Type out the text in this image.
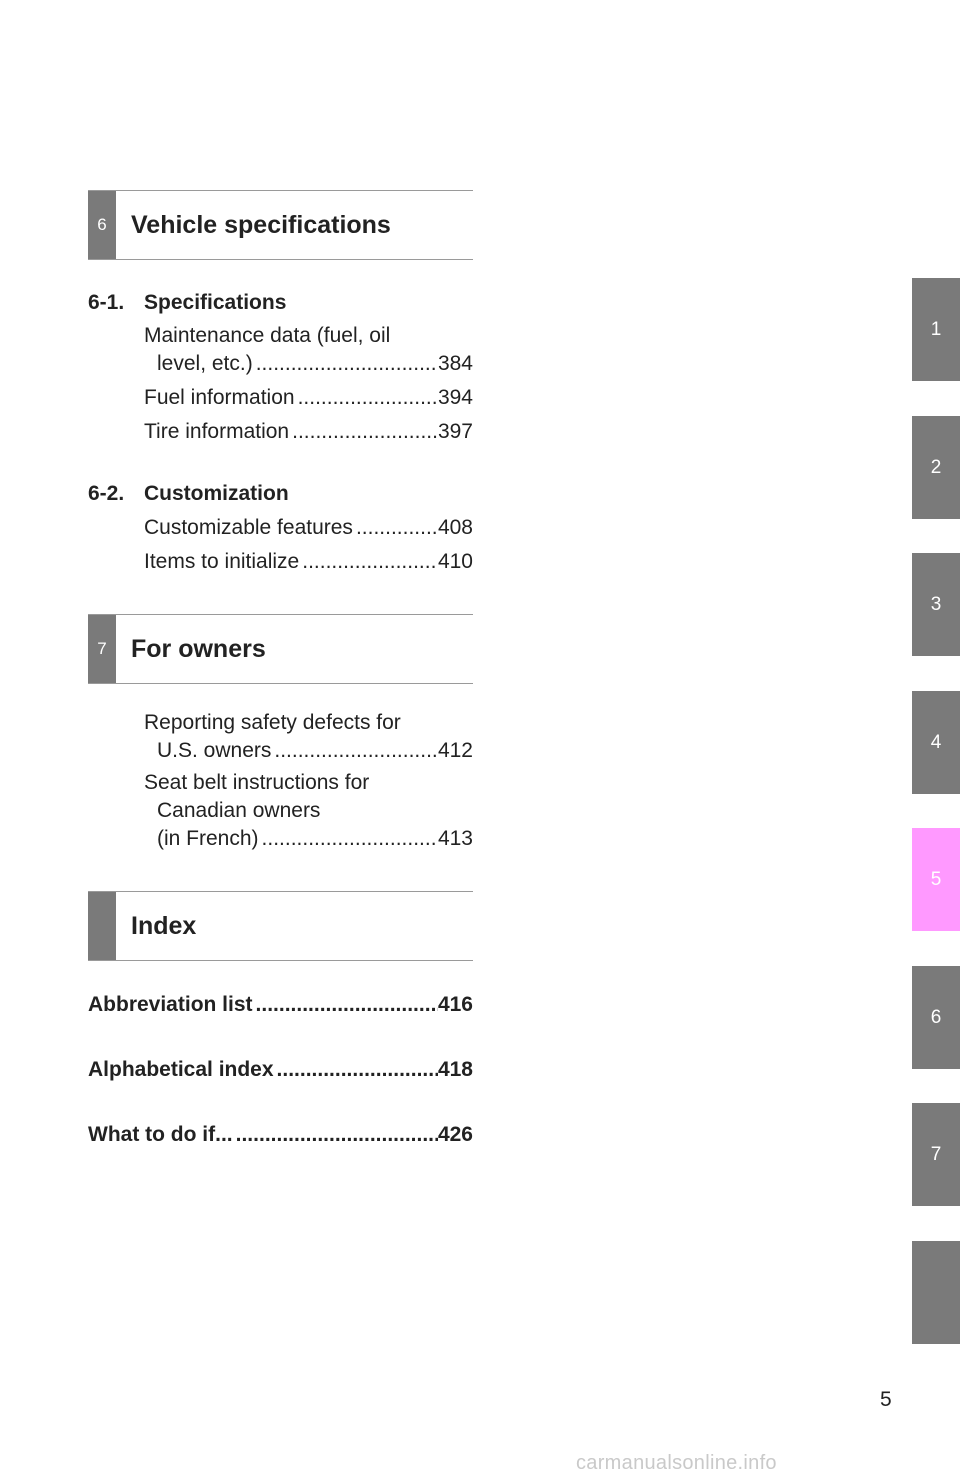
6 Vehicle specifications
6-1. Specifications
Maintenance data (fuel, oil
level, etc.) .....	384
Fuel information .....	394
Tire information .....	397
6-2. Customization
Customizable features .....	408
Items to initialize .....	410
7 For owners
Reporting safety defects for
U.S. owners .....	412
Seat belt instructions for
Canadian owners
(in French) .....	413
Index
Abbreviation list .....	416
Alphabetical index .....	418
What to do if... .....	426
1
2
3
4
5
6
7
5
carmanualsonline.info
